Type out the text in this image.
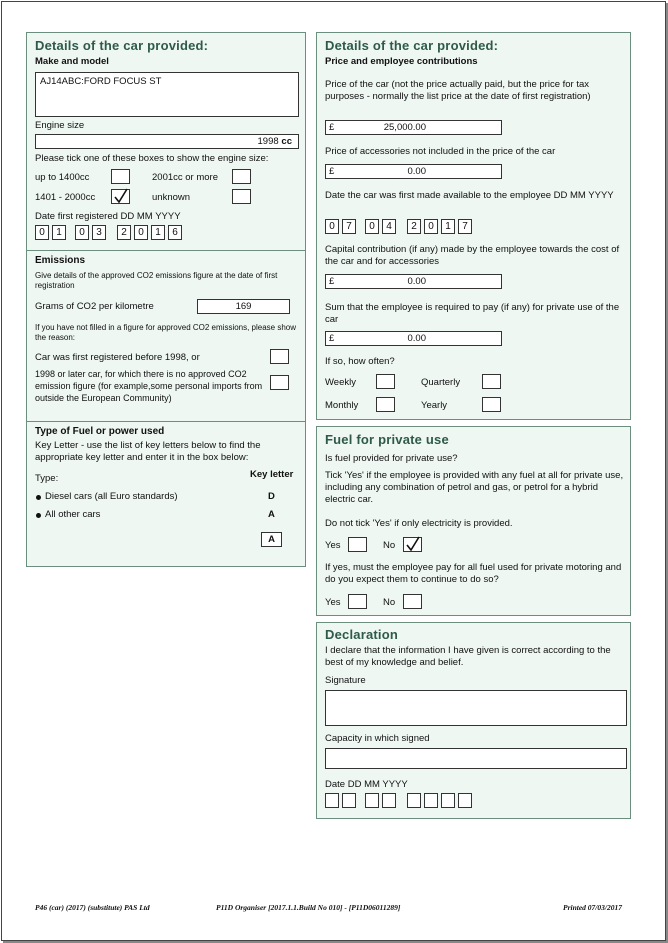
Details of the car provided:
Make and model
AJ14ABC:FORD FOCUS ST
Engine size
1998 cc
Please tick one of these boxes to show the engine size:
up to 1400cc	2001cc or more
1401 - 2000cc	unknown
Date first registered DD MM YYYY
0	1	0	3	2	0	1	6
Emissions
Give details of the approved CO2 emissions figure at the date of first registration
Grams of CO2 per kilometre	169
If you have not filled in a figure for approved CO2 emissions, please show the reason:
Car was first registered before 1998, or
1998 or later car, for which there is no approved CO2 emission figure (for example,some personal imports from outside the European Community)
Type of Fuel or power used
Key Letter - use the list of key letters below to find the appropriate key letter and enter it in the box below:
Type:	Key letter
Diesel cars (all Euro standards)	D
All other cars	A
A
Details of the car provided:
Price and employee contributions
Price of the car (not the price actually paid, but the price for tax purposes - normally the list price at the date of first registration)
£	25,000.00
Price of accessories not included in the price of the car
£	0.00
Date the car was first made available to the employee DD MM YYYY
0	7	0	4	2	0	1	7
Capital contribution (if any) made by the employee towards the cost of the car and for accessories
£	0.00
Sum that the employee is required to pay (if any) for private use of the car
£	0.00
If so, how often?
Weekly	Quarterly
Monthly	Yearly
Fuel for private use
Is fuel provided for private use?
Tick 'Yes' if the employee is provided with any fuel at all for private use, including any combination of petrol and gas, or petrol for a hybrid electric car.
Do not tick 'Yes' if only electricity is provided.
Yes	No
If yes, must the employee pay for all fuel used for private motoring and do you expect them to continue to do so?
Yes	No
Declaration
I declare that the information I have given is correct according to the best of my knowledge and belief.
Signature
Capacity in which signed
Date DD MM YYYY
P46 (car) (2017) (substitute) PAS Ltd	P11D Organiser [2017.1.1.Build No 010] - [P11D06011289]	Printed 07/03/2017
